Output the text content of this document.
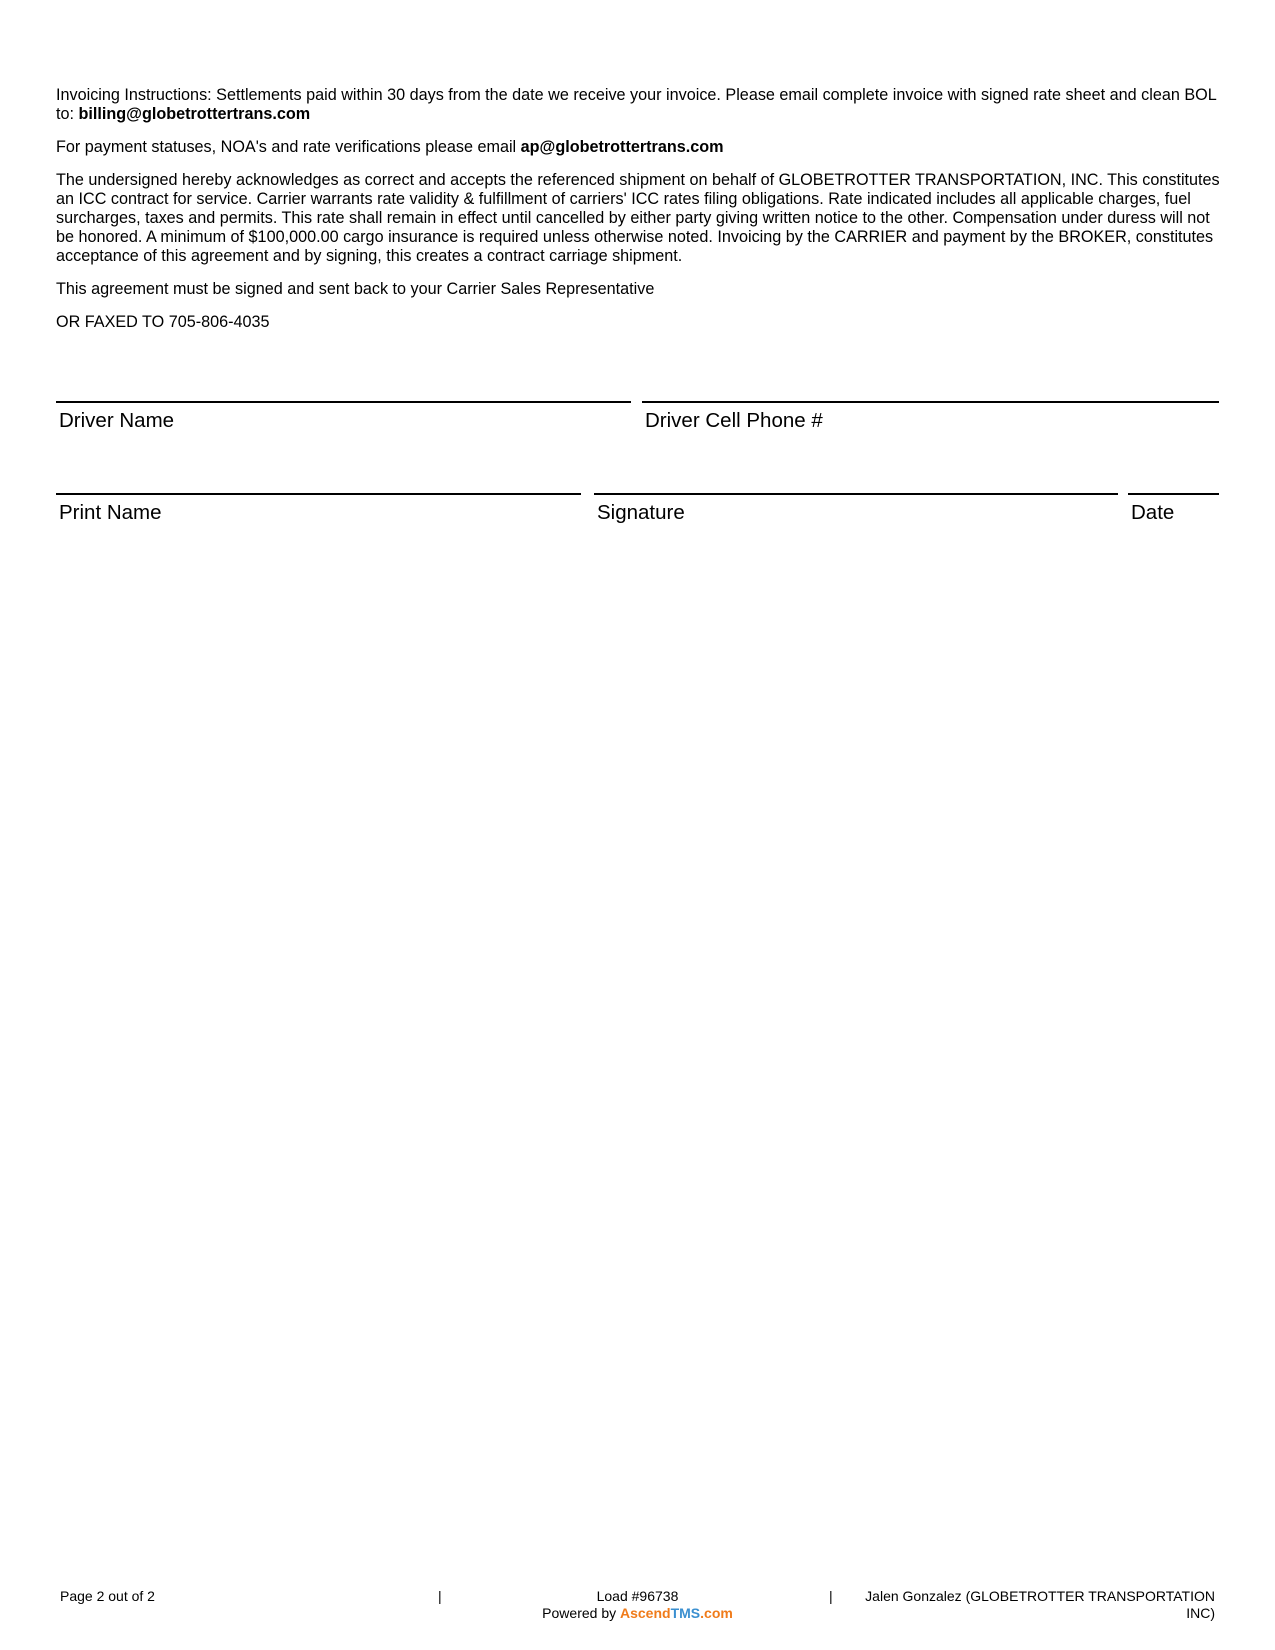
Invoicing Instructions: Settlements paid within 30 days from the date we receive your invoice. Please email complete invoice with signed rate sheet and clean BOL to: billing@globetrottertrans.com

For payment statuses, NOA's and rate verifications please email ap@globetrottertrans.com

The undersigned hereby acknowledges as correct and accepts the referenced shipment on behalf of GLOBETROTTER TRANSPORTATION, INC. This constitutes an ICC contract for service. Carrier warrants rate validity & fulfillment of carriers' ICC rates filing obligations. Rate indicated includes all applicable charges, fuel surcharges, taxes and permits. This rate shall remain in effect until cancelled by either party giving written notice to the other. Compensation under duress will not be honored. A minimum of $100,000.00 cargo insurance is required unless otherwise noted. Invoicing by the CARRIER and payment by the BROKER, constitutes acceptance of this agreement and by signing, this creates a contract carriage shipment.

This agreement must be signed and sent back to your Carrier Sales Representative

OR FAXED TO 705-806-4035

Driver Name	Driver Cell Phone #
Print Name	Signature	Date
Page 2 out of 2	|	Load #96738
Powered by AscendTMS.com
|	Jalen Gonzalez (GLOBETROTTER TRANSPORTATION INC)
